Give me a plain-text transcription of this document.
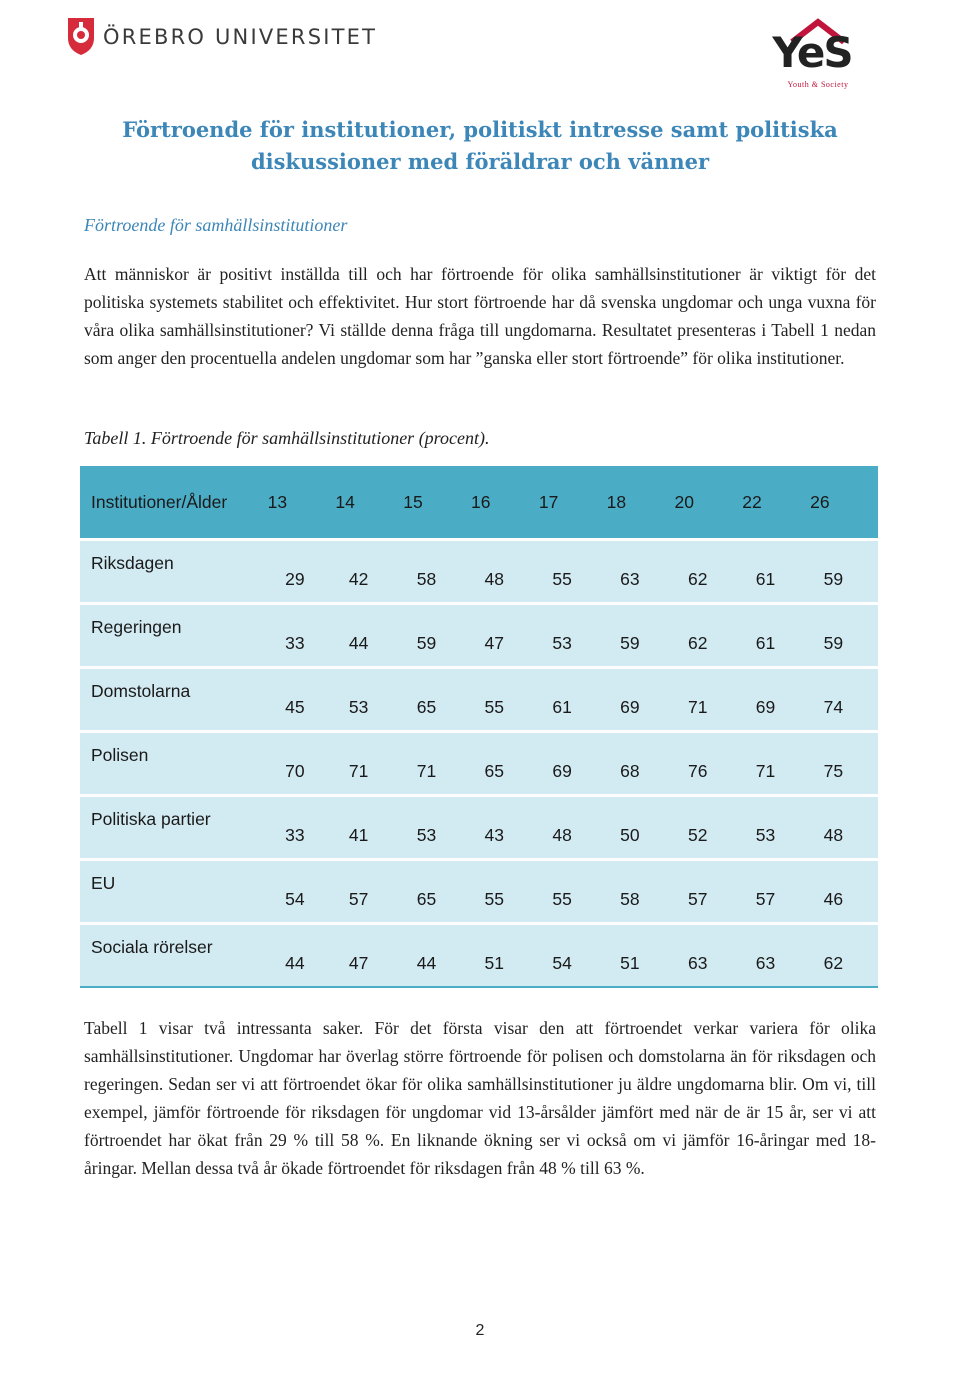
ÖREBRO UNIVERSITET	YeS
Youth & Society
Förtroende för institutioner, politiskt intresse samt politiska
diskussioner med föräldrar och vänner
Förtroende för samhällsinstitutioner
Att människor är positivt inställda till och har förtroende för olika samhällsinstitutioner är viktigt för det politiska systemets stabilitet och effektivitet. Hur stort förtroende har då svenska ungdomar och unga vuxna för våra olika samhällsinstitutioner? Vi ställde denna fråga till ungdomarna. Resultatet presenteras i Tabell 1 nedan som anger den procentuella andelen ungdomar som har ”ganska eller stort förtroende” för olika institutioner.
Tabell 1. Förtroende för samhällsinstitutioner (procent).
Institutioner/Ålder	13	14	15	16	17	18	20	22	26
Riksdagen	29	42	58	48	55	63	62	61	59
Regeringen	33	44	59	47	53	59	62	61	59
Domstolarna	45	53	65	55	61	69	71	69	74
Polisen	70	71	71	65	69	68	76	71	75
Politiska partier	33	41	53	43	48	50	52	53	48
EU	54	57	65	55	55	58	57	57	46
Sociala rörelser	44	47	44	51	54	51	63	63	62
Tabell 1 visar två intressanta saker. För det första visar den att förtroendet verkar variera för olika samhällsinstitutioner. Ungdomar har överlag större förtroende för polisen och domstolarna än för riksdagen och regeringen. Sedan ser vi att förtroendet ökar för olika samhällsinstitutioner ju äldre ungdomarna blir. Om vi, till exempel, jämför förtroende för riksdagen för ungdomar vid 13-årsålder jämfört med när de är 15 år, ser vi att förtroendet har ökat från 29 % till 58 %. En liknande ökning ser vi också om vi jämför 16-åringar med 18-åringar. Mellan dessa två år ökade förtroendet för riksdagen från 48 % till 63 %.
2
